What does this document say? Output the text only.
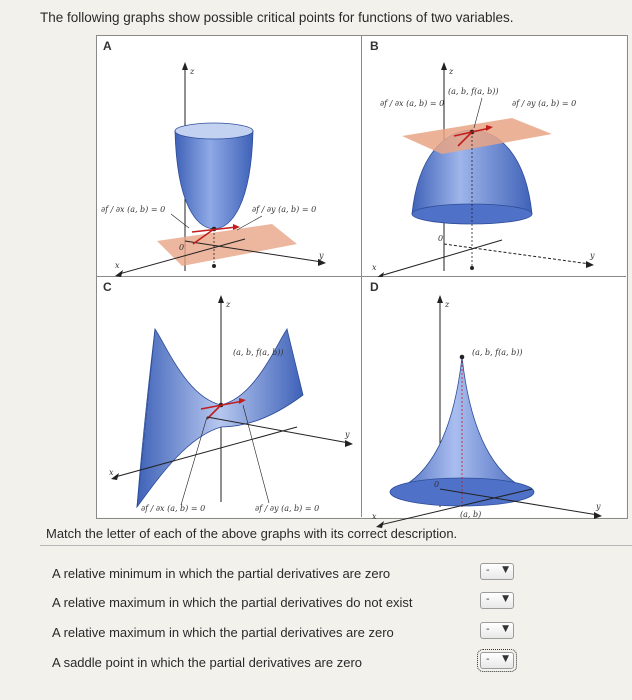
The following graphs show possible critical points for functions of two variables.
A
z
x
y
0
∂f / ∂x (a, b) = 0	∂f / ∂y (a, b) = 0
B
z
x
y
0
∂f / ∂x (a, b) = 0
(a, b, f(a, b))
∂f / ∂y (a, b) = 0
C
z
x
y
(a, b, f(a, b))
∂f / ∂x (a, b) = 0	∂f / ∂y (a, b) = 0
D
z
x
y
0
(a, b, f(a, b))
(a, b)
Match the letter of each of the above graphs with its correct description.
A relative minimum in which the partial derivatives are zero	- ▼
A relative maximum in which the partial derivatives do not exist	- ▼
A relative maximum in which the partial derivatives are zero	- ▼
A saddle point in which the partial derivatives are zero	- ▼
